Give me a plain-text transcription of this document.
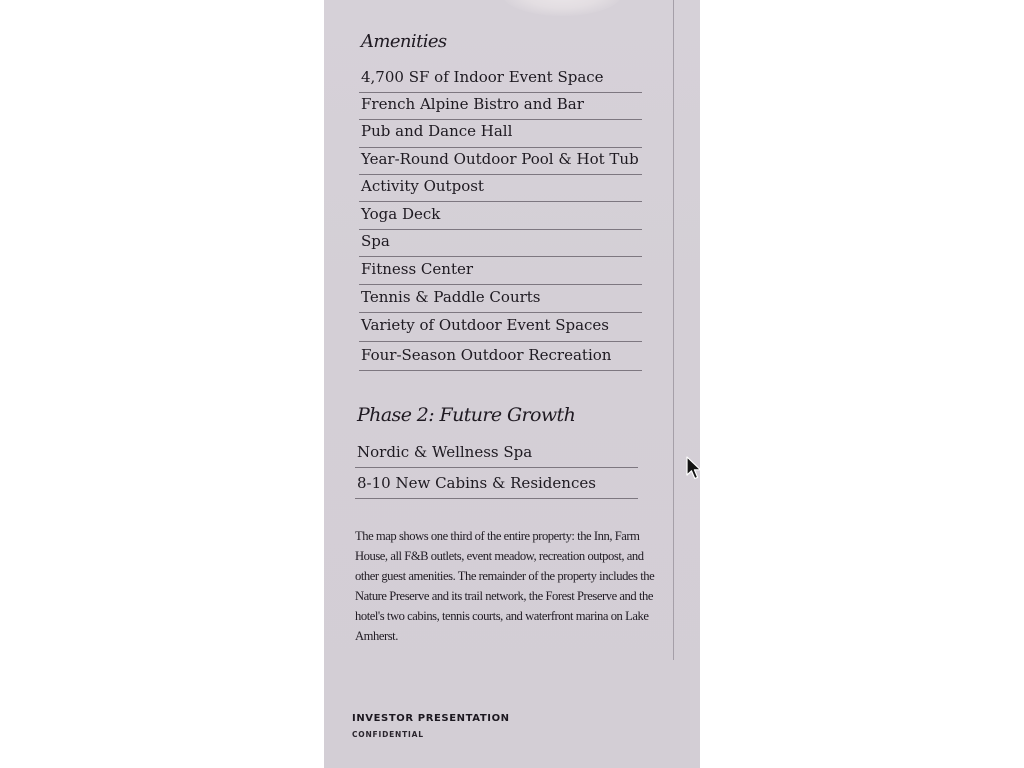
Amenities
4,700 SF of Indoor Event Space
French Alpine Bistro and Bar
Pub and Dance Hall
Year-Round Outdoor Pool & Hot Tub
Activity Outpost
Yoga Deck
Spa
Fitness Center
Tennis & Paddle Courts
Variety of Outdoor Event Spaces
Four-Season Outdoor Recreation
Phase 2: Future Growth
Nordic & Wellness Spa
8-10 New Cabins & Residences

The map shows one third of the entire property: the Inn, Farm House, all F&B outlets, event meadow, recreation outpost, and other guest amenities. The remainder of the property includes the Nature Preserve and its trail network, the Forest Preserve and the hotel's two cabins, tennis courts, and waterfront marina on Lake Amherst.

INVESTOR PRESENTATION

CONFIDENTIAL
